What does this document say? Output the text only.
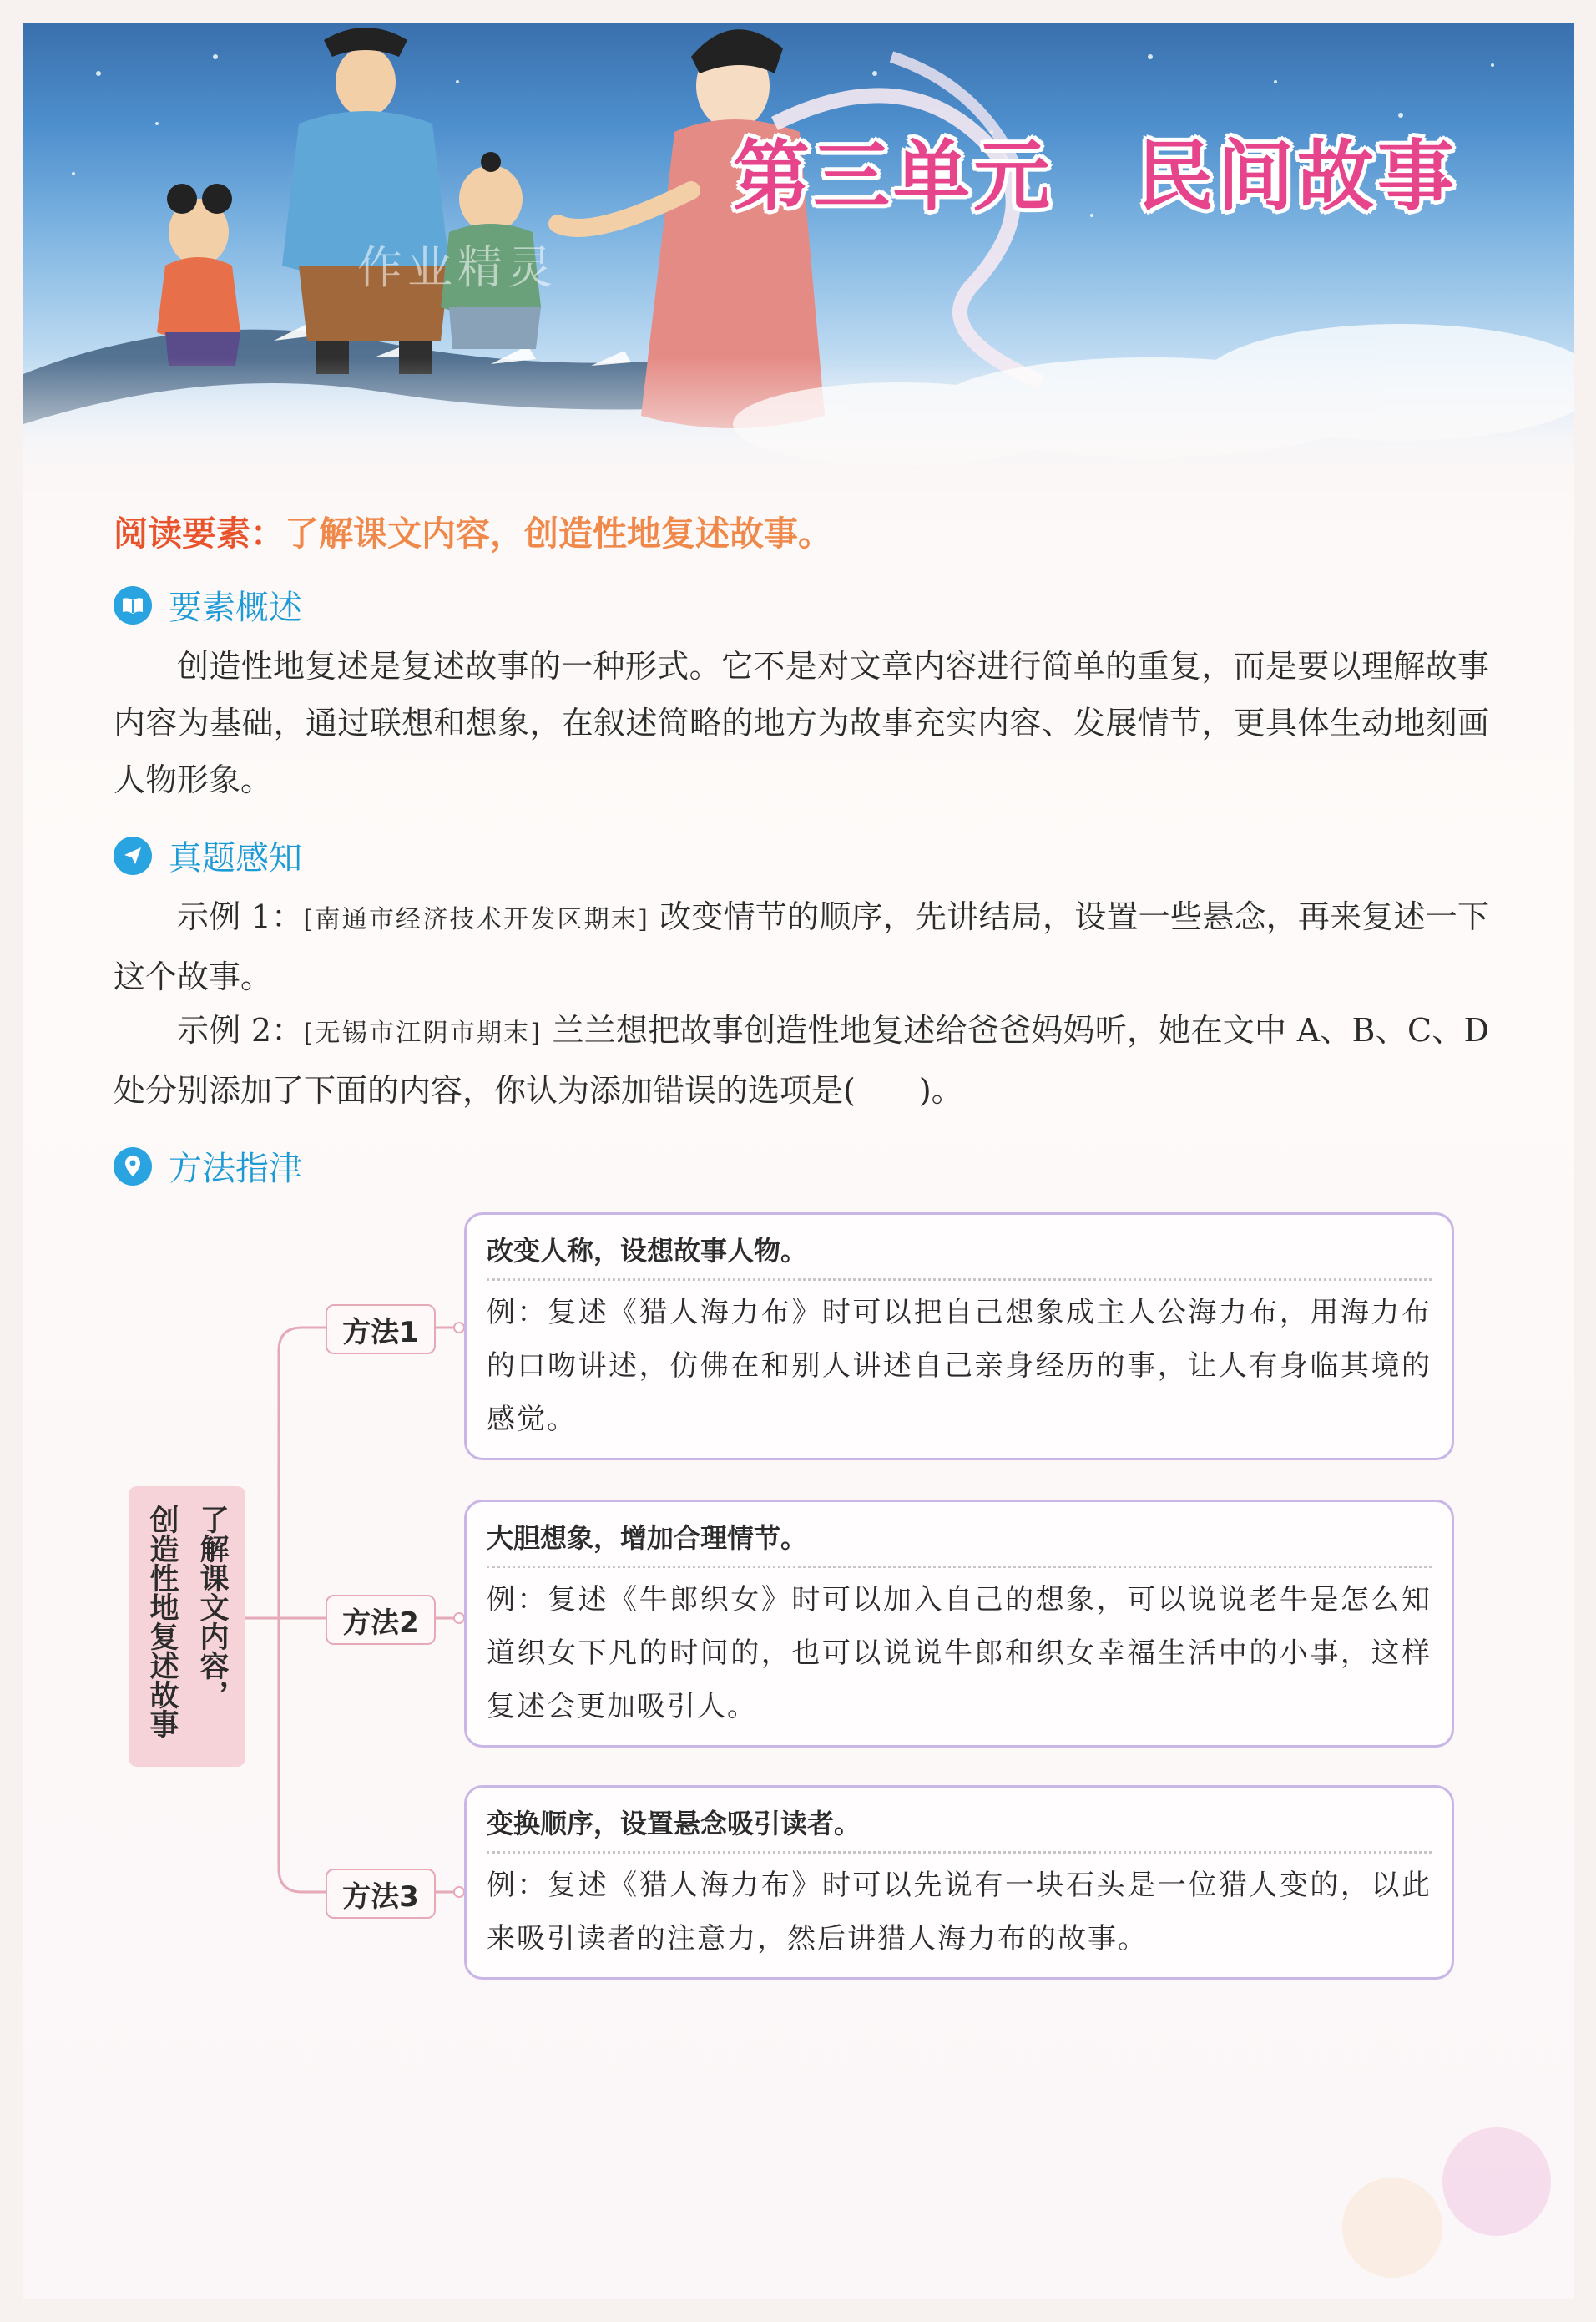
作业精灵
第三单元 民间故事
阅读要素：了解课文内容，创造性地复述故事。
要素概述
创造性地复述是复述故事的一种形式。它不是对文章内容进行简单的重复，而是要以理解故事内容为基础，通过联想和想象，在叙述简略的地方为故事充实内容、发展情节，更具体生动地刻画人物形象。
真题感知
示例 1：[南通市经济技术开发区期末] 改变情节的顺序，先讲结局，设置一些悬念，再来复述一下这个故事。
示例 2：[无锡市江阴市期末] 兰兰想把故事创造性地复述给爸爸妈妈听，她在文中 A、B、C、D 处分别添加了下面的内容，你认为添加错误的选项是(　　)。
方法指津
了解课文内容，
创造性地复述故事
方法1
方法2
方法3
改变人称，设想故事人物。
例：复述《猎人海力布》时可以把自己想象成主人公海力布，用海力布的口吻讲述，仿佛在和别人讲述自己亲身经历的事，让人有身临其境的感觉。
大胆想象，增加合理情节。
例：复述《牛郎织女》时可以加入自己的想象，可以说说老牛是怎么知道织女下凡的时间的，也可以说说牛郎和织女幸福生活中的小事，这样复述会更加吸引人。
变换顺序，设置悬念吸引读者。
例：复述《猎人海力布》时可以先说有一块石头是一位猎人变的，以此来吸引读者的注意力，然后讲猎人海力布的故事。
